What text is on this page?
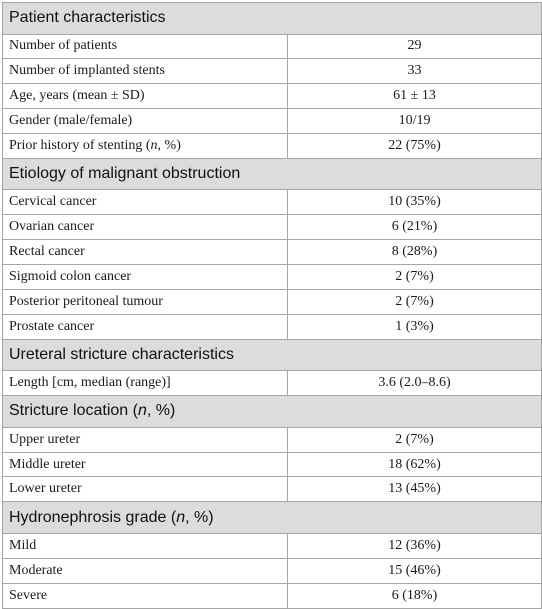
Patient characteristics	
Number of patients	29
Number of implanted stents	33
Age, years (mean ± SD)	61 ± 13
Gender (male/female)	10/19
Prior history of stenting (n, %)	22 (75%)
Etiology of malignant obstruction	
Cervical cancer	10 (35%)
Ovarian cancer	6 (21%)
Rectal cancer	8 (28%)
Sigmoid colon cancer	2 (7%)
Posterior peritoneal tumour	2 (7%)
Prostate cancer	1 (3%)
Ureteral stricture characteristics	
Length [cm, median (range)]	3.6 (2.0–8.6)
Stricture location (n, %)	
Upper ureter	2 (7%)
Middle ureter	18 (62%)
Lower ureter	13 (45%)
Hydronephrosis grade (n, %)	
Mild	12 (36%)
Moderate	15 (46%)
Severe	6 (18%)
